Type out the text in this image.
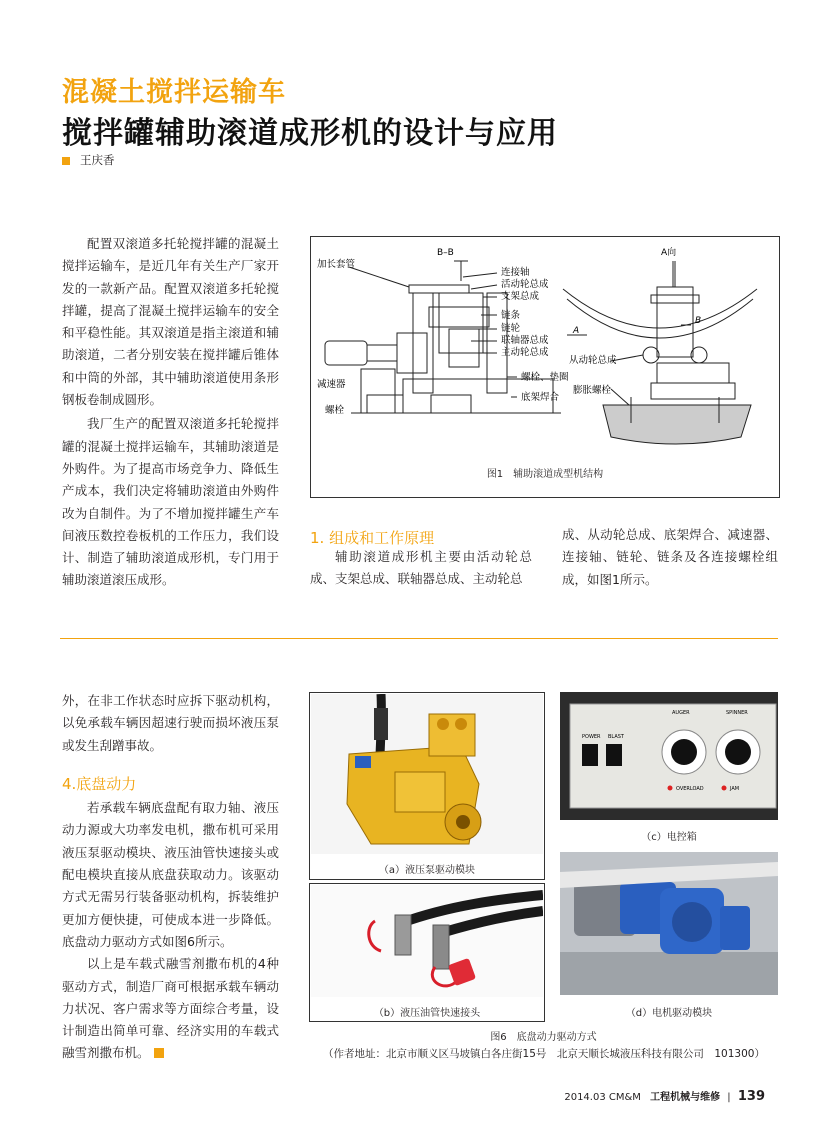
混凝土搅拌运输车
搅拌罐辅助滚道成形机的设计与应用
王庆香

配置双滚道多托轮搅拌罐的混凝土搅拌运输车，是近几年有关生产厂家开发的一款新产品。配置双滚道多托轮搅拌罐，提高了混凝土搅拌运输车的安全和平稳性能。其双滚道是指主滚道和辅助滚道，二者分别安装在搅拌罐后锥体和中筒的外部，其中辅助滚道使用条形钢板卷制成圆形。

我厂生产的配置双滚道多托轮搅拌罐的混凝土搅拌运输车，其辅助滚道是外购件。为了提高市场竞争力、降低生产成本，我们决定将辅助滚道由外购件改为自制件。为了不增加搅拌罐生产车间液压数控卷板机的工作压力，我们设计、制造了辅助滚道成形机，专门用于辅助滚道滚压成形。

B–B	A向
A
B
加长套管
减速器
螺栓
连接轴
活动轮总成
支架总成
链条
链轮
联轴器总成
主动轮总成
螺栓、垫圈
底架焊合
从动轮总成
膨胀螺栓
图1　辅助滚道成型机结构
1. 组成和工作原理

辅助滚道成形机主要由活动轮总成、支架总成、联轴器总成、主动轮总

成、从动轮总成、底架焊合、减速器、连接轴、链轮、链条及各连接螺栓组成，如图1所示。

外，在非工作状态时应拆下驱动机构，以免承载车辆因超速行驶而损坏液压泵或发生刮蹭事故。

4.底盘动力

若承载车辆底盘配有取力轴、液压动力源或大功率发电机，撒布机可采用液压泵驱动模块、液压油管快速接头或配电模块直接从底盘获取动力。该驱动方式无需另行装备驱动机构，拆装维护更加方便快捷，可使成本进一步降低。底盘动力驱动方式如图6所示。

以上是车载式融雪剂撒布机的4种驱动方式，制造厂商可根据承载车辆动力状况、客户需求等方面综合考量，设计制造出简单可靠、经济实用的车载式融雪剂撒布机。

（a）液压泵驱动模块
（b）液压油管快速接头
POWER BLAST
AUGER	SPINNER
OVERLOAD	JAM
（c）电控箱
（d）电机驱动模块
图6　底盘动力驱动方式
（作者地址：北京市顺义区马坡镇白各庄街15号　北京天顺长城液压科技有限公司　101300）
2014.03 CM&M 工程机械与维修 | 139
